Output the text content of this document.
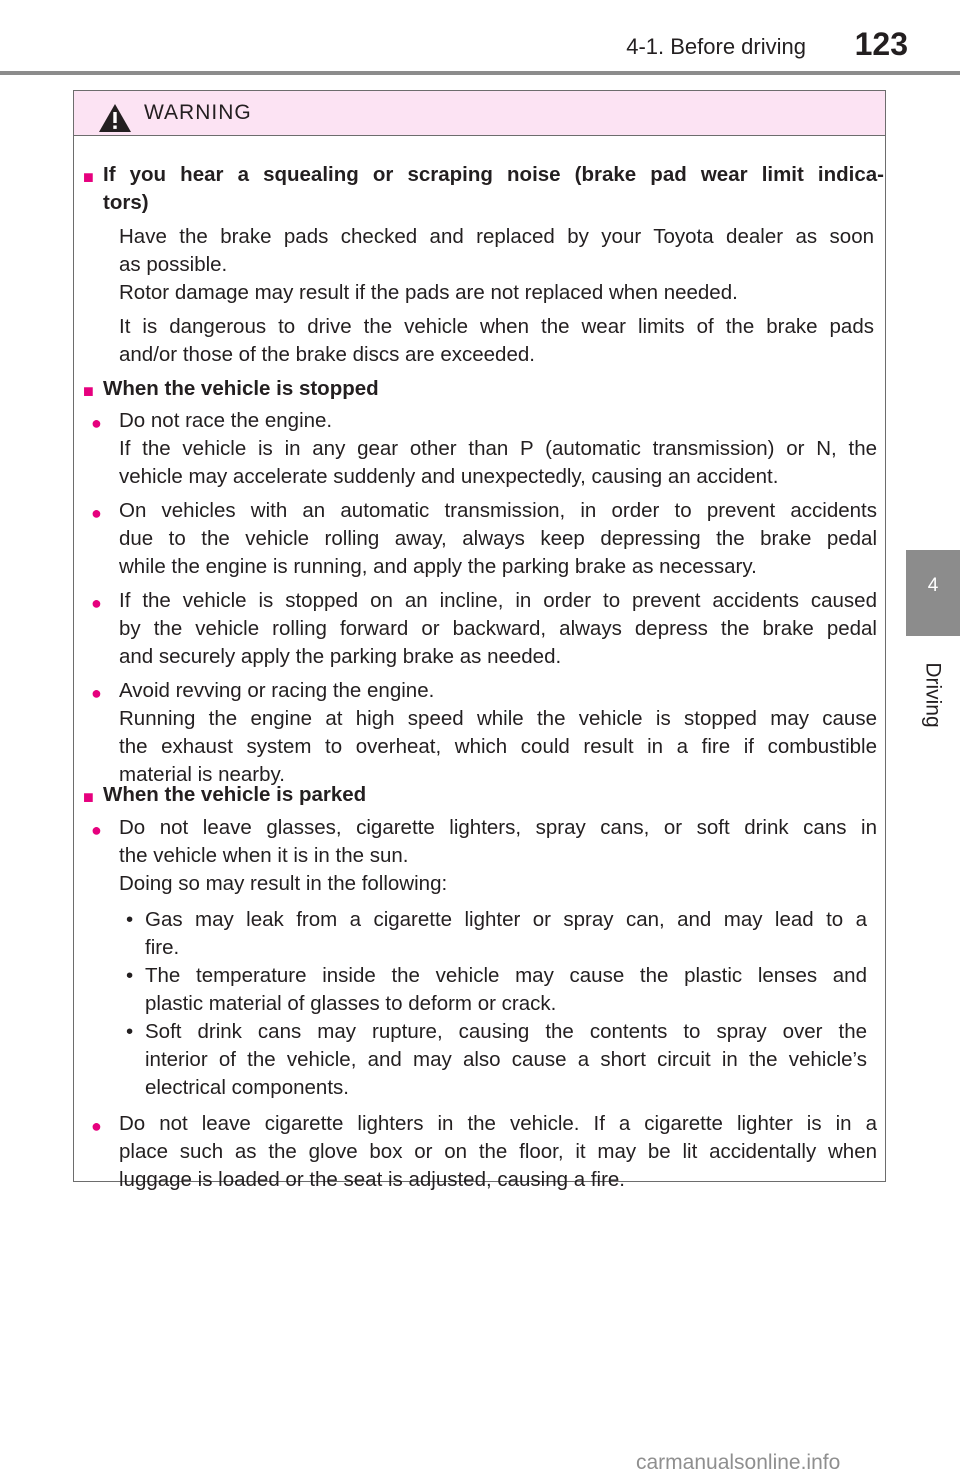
4-1. Before driving	123
4
Driving
WARNING
■ If you hear a squealing or scraping noise (brake pad wear limit indica-
tors)
Have the brake pads checked and replaced by your Toyota dealer as soon
as possible.
Rotor damage may result if the pads are not replaced when needed.
It is dangerous to drive the vehicle when the wear limits of the brake pads
and/or those of the brake discs are exceeded.
■ When the vehicle is stopped
● Do not race the engine.
If the vehicle is in any gear other than P (automatic transmission) or N, the
vehicle may accelerate suddenly and unexpectedly, causing an accident.
● On vehicles with an automatic transmission, in order to prevent accidents
due to the vehicle rolling away, always keep depressing the brake pedal
while the engine is running, and apply the parking brake as necessary.
● If the vehicle is stopped on an incline, in order to prevent accidents caused
by the vehicle rolling forward or backward, always depress the brake pedal
and securely apply the parking brake as needed.
● Avoid revving or racing the engine.
Running the engine at high speed while the vehicle is stopped may cause
the exhaust system to overheat, which could result in a fire if combustible
material is nearby.
■ When the vehicle is parked
● Do not leave glasses, cigarette lighters, spray cans, or soft drink cans in
the vehicle when it is in the sun.
Doing so may result in the following:
• Gas may leak from a cigarette lighter or spray can, and may lead to a
fire.
• The temperature inside the vehicle may cause the plastic lenses and
plastic material of glasses to deform or crack.
• Soft drink cans may rupture, causing the contents to spray over the
interior of the vehicle, and may also cause a short circuit in the vehicle’s
electrical components.
● Do not leave cigarette lighters in the vehicle. If a cigarette lighter is in a
place such as the glove box or on the floor, it may be lit accidentally when
luggage is loaded or the seat is adjusted, causing a fire.
carmanualsonline.info
